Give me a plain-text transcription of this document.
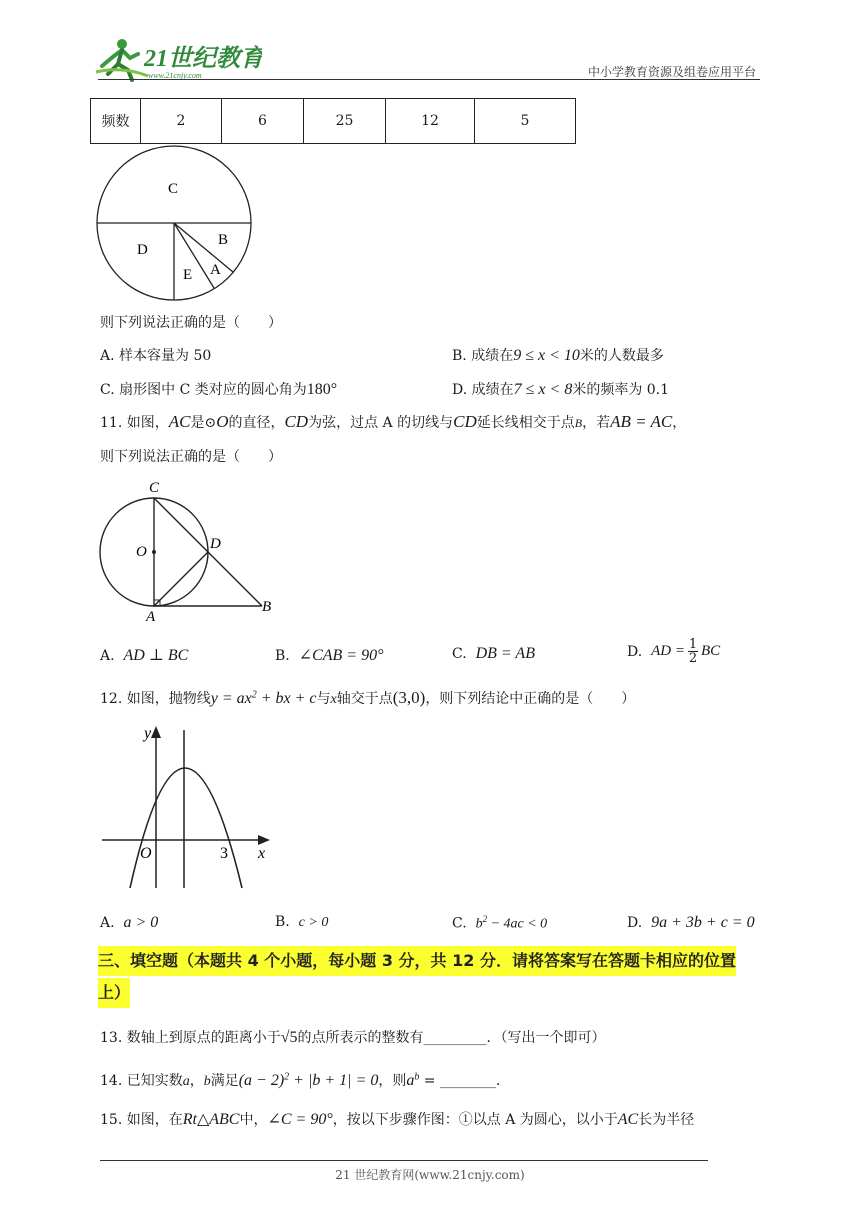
21世纪教育
www.21cnjy.com	中小学教育资源及组卷应用平台
频数	2	6	25	12	5
C
D
B
E A
则下列说法正确的是（　　）
A. 样本容量为 50	B. 成绩在9 ≤ x < 10米的人数最多
C. 扇形图中 C 类对应的圆心角为180°	D. 成绩在7 ≤ x < 8米的频率为 0.1
11. 如图，AC是⊙O的直径，CD为弦，过点 A 的切线与CD延长线相交于点B，若AB = AC，
则下列说法正确的是（　　）
C
O	D
A
B
A. AD ⊥ BC	B. ∠CAB = 90°	C. DB = AB	D.
AD = 1
2 BC
12. 如图，抛物线$y = ax^2$ + bx + c与x轴交于点(3,0)，则下列结论中正确的是（　　）
y
O	3 x
A. a > 0	B. c > 0	C. $b^2 - 4ac < 0$	D. 9a + 3b + c = 0
三、填空题（本题共 4 个小题，每小题 3 分，共 12 分．请将答案写在答题卡相应的位置
上）
13. 数轴上到原点的距离小于√5的点所表示的整数有_________．（写出一个即可）
14. 已知实数a，b满足$(a - 2)^2 + |b + 1| = 0$，则$a^b$ = ________．
15. 如图，在Rt△ABC中，∠C = 90°，按以下步骤作图：①以点 A 为圆心，以小于AC长为半径
21 世纪教育网(www.21cnjy.com)
